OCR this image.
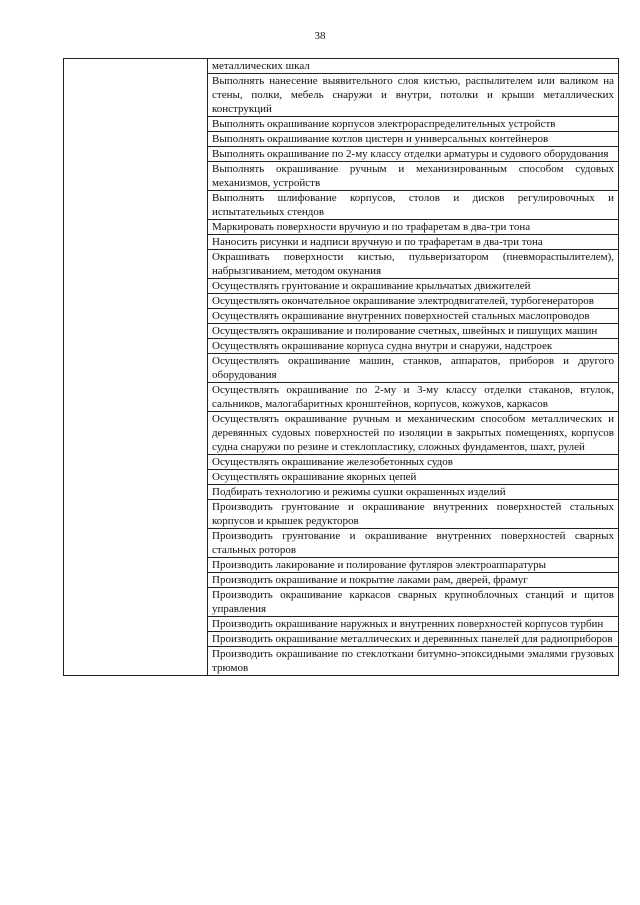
38

металлических шкал
Выполнять нанесение выявительного слоя кистью, распылителем или валиком на стены, полки, мебель снаружи и внутри, потолки и крыши металлических конструкций
Выполнять окрашивание корпусов электрораспределительных устройств
Выполнять окрашивание котлов цистерн и универсальных контейнеров
Выполнять окрашивание по 2-му классу отделки арматуры и судового оборудования
Выполнять окрашивание ручным и механизированным способом судовых механизмов, устройств
Выполнять шлифование корпусов, столов и дисков регулировочных и испытательных стендов
Маркировать поверхности вручную и по трафаретам в два-три тона
Наносить рисунки и надписи вручную и по трафаретам в два-три тона
Окрашивать поверхности кистью, пульверизатором (пневмораспылителем), набрызгиванием, методом окунания
Осуществлять грунтование и окрашивание крыльчатых движителей
Осуществлять окончательное окрашивание электродвигателей, турбогенераторов
Осуществлять окрашивание внутренних поверхностей стальных маслопроводов
Осуществлять окрашивание и полирование счетных, швейных и пишущих машин
Осуществлять окрашивание корпуса судна внутри и снаружи, надстроек
Осуществлять окрашивание машин, станков, аппаратов, приборов и другого оборудования
Осуществлять окрашивание по 2-му и 3-му классу отделки стаканов, втулок, сальников, малогабаритных кронштейнов, корпусов, кожухов, каркасов
Осуществлять окрашивание ручным и механическим способом металлических и деревянных судовых поверхностей по изоляции в закрытых помещениях, корпусов судна снаружи по резине и стеклопластику, сложных фундаментов, шахт, рулей
Осуществлять окрашивание железобетонных судов
Осуществлять окрашивание якорных цепей
Подбирать технологию и режимы сушки окрашенных изделий
Производить грунтование и окрашивание внутренних поверхностей стальных корпусов и крышек редукторов
Производить грунтование и окрашивание внутренних поверхностей сварных стальных роторов
Производить лакирование и полирование футляров электроаппаратуры
Производить окрашивание и покрытие лаками рам, дверей, фрамуг
Производить окрашивание каркасов сварных крупноблочных станций и щитов управления
Производить окрашивание наружных и внутренних поверхностей корпусов турбин
Производить окрашивание металлических и деревянных панелей для радиоприборов
Производить окрашивание по стеклоткани битумно-эпоксидными эмалями грузовых трюмов
